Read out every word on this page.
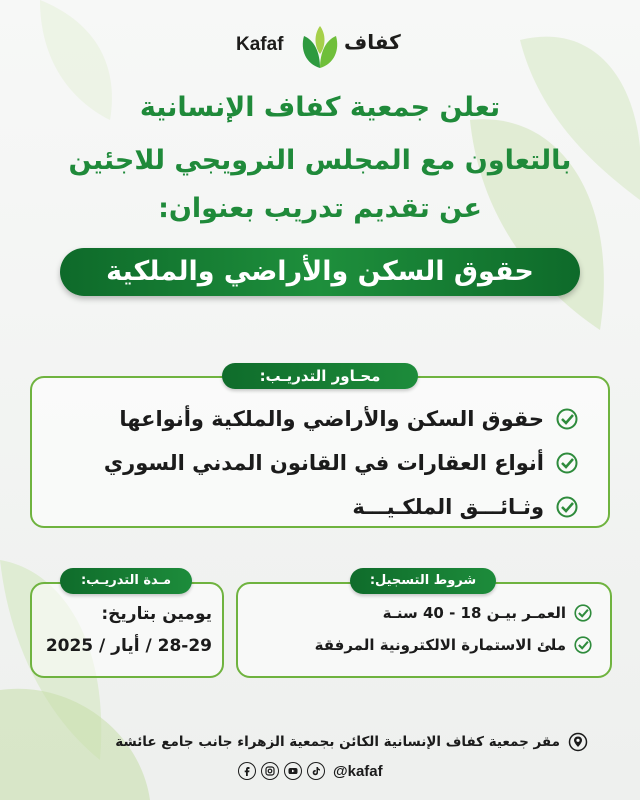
Kafaf	كفاف
تعلن جمعية كفاف الإنسانية
بالتعاون مع المجلس النرويجي للاجئين
عن تقديم تدريب بعنوان:
حقوق السكن والأراضي والملكية
محـاور التدريـب:
حقوق السكن والأراضي والملكية وأنواعها
أنواع العقارات في القانون المدني السوري
وثـائـــق الملكـيـــة
شروط التسجيل:
العمـر بيـن 18 - 40 سنـة
ملئ الاستمارة الالكترونية المرفقة
مـدة التدريـب:
يومين بتاريخ:
28-29 / أيار / 2025
مقر جمعية كفاف الإنسانية الكائن بجمعية الزهراء جانب جامع عائشة
@kafaf
